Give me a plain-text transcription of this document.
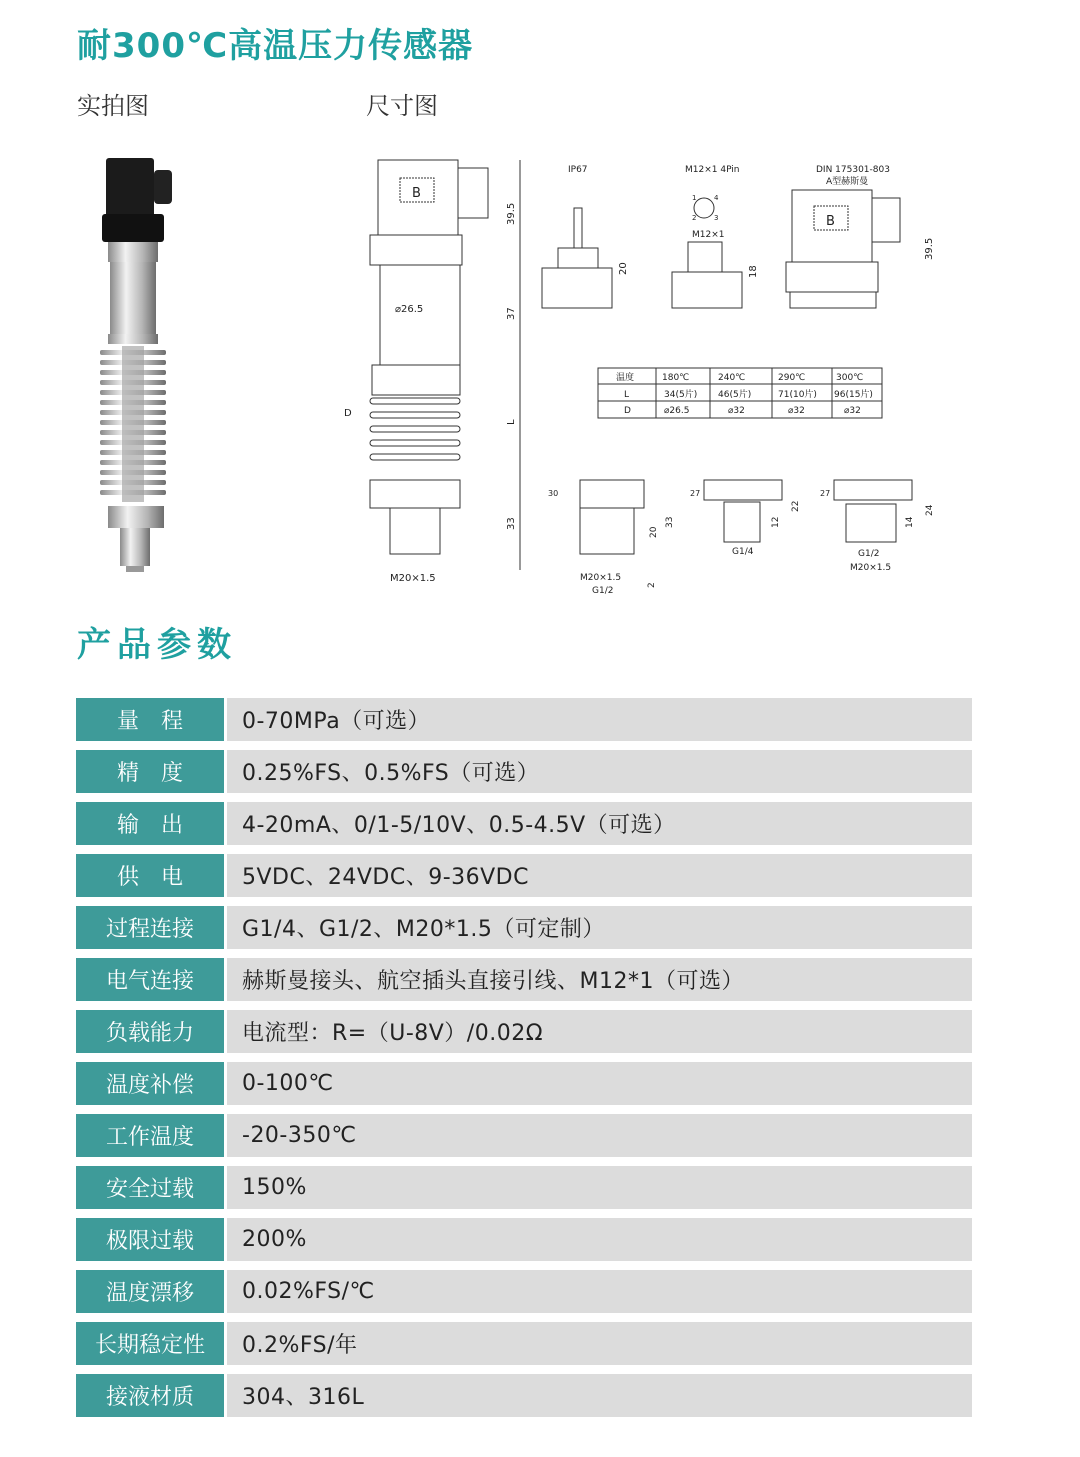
耐300℃高温压力传感器
实拍图	尺寸图
B
⌀26.5
D
M20×1.5
39.5
37
L
33
IP67
20
M12×1 4Pin
1
2	3
4
M12×1
18
DIN 175301-803
A型赫斯曼
B
39.5
温度	180℃	240℃	290℃	300℃
L	34(5片) 46(5片)	71(10片) 96(15片)
D	⌀26.5	⌀32	⌀32	⌀32
30
20
33
2
M20×1.5
G1/2
27
12
22
G1/4
27
14
24
G1/2
M20×1.5
产品参数
量　程		0-70MPa（可选）
精　度		0.25%FS、0.5%FS（可选）
输　出		4-20mA、0/1-5/10V、0.5-4.5V（可选）
供　电		5VDC、24VDC、9-36VDC
过程连接		G1/4、G1/2、M20*1.5（可定制）
电气连接		赫斯曼接头、航空插头直接引线、M12*1（可选）
负载能力		电流型：R=（U-8V）/0.02Ω
温度补偿		0-100℃
工作温度		-20-350℃
安全过载		150%
极限过载		200%
温度漂移		0.02%FS/℃
长期稳定性		0.2%FS/年
接液材质		304、316L
